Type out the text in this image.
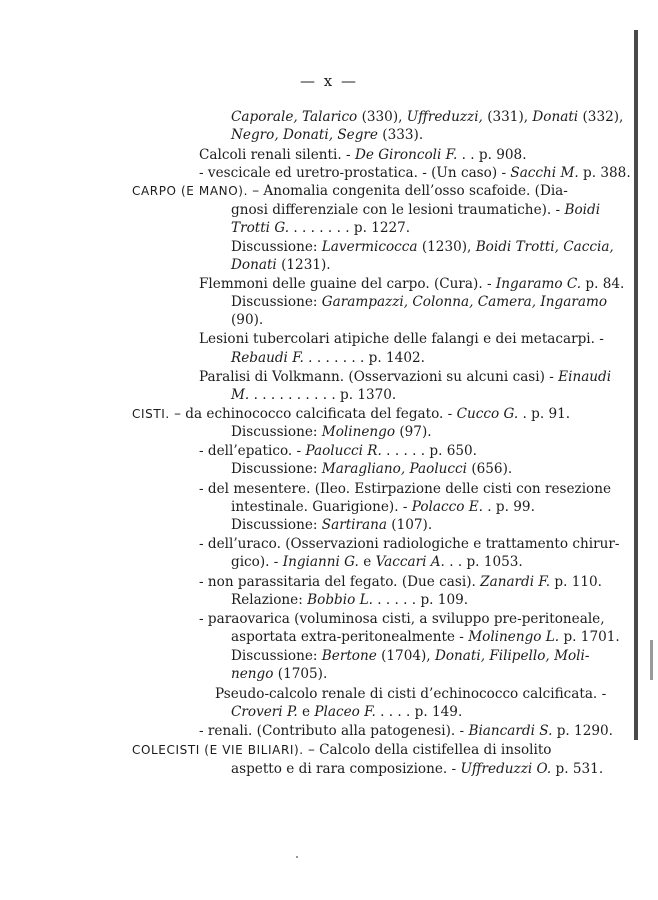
— x —
Caporale, Talarico (330), Uffreduzzi, (331), Donati (332),
Negro, Donati, Segre (333).
Calcoli renali silenti. - De Gironcoli F. . . p. 908.
- vescicale ed uretro-prostatica. - (Un caso) - Sacchi M. p. 388.
CARPO (E MANO). – Anomalia congenita dell’osso scafoide. (Dia-
gnosi differenziale con le lesioni traumatiche). - Boidi
Trotti G. . . . . . . . p. 1227.
Discussione: Lavermicocca (1230), Boidi Trotti, Caccia,
Donati (1231).
Flemmoni delle guaine del carpo. (Cura). - Ingaramo C. p. 84.
Discussione: Garampazzi, Colonna, Camera, Ingaramo
(90).
Lesioni tubercolari atipiche delle falangi e dei metacarpi. -
Rebaudi F. . . . . . . . p. 1402.
Paralisi di Volkmann. (Osservazioni su alcuni casi) - Einaudi
M. . . . . . . . . . . p. 1370.
CISTI. – da echinococco calcificata del fegato. - Cucco G. . p. 91.
Discussione: Molinengo (97).
- dell’epatico. - Paolucci R. . . . . . p. 650.
Discussione: Maragliano, Paolucci (656).
- del mesentere. (Ileo. Estirpazione delle cisti con resezione
intestinale. Guarigione). - Polacco E. . p. 99.
Discussione: Sartirana (107).
- dell’uraco. (Osservazioni radiologiche e trattamento chirur-
gico). - Ingianni G. e Vaccari A. . . p. 1053.
- non parassitaria del fegato. (Due casi). Zanardi F. p. 110.
Relazione: Bobbio L. . . . . . p. 109.
- paraovarica (voluminosa cisti, a sviluppo pre-peritoneale,
asportata extra-peritonealmente - Molinengo L. p. 1701.
Discussione: Bertone (1704), Donati, Filipello, Moli-
nengo (1705).
Pseudo-calcolo renale di cisti d’echinococco calcificata. -
Croveri P. e Placeo F. . . . . p. 149.
- renali. (Contributo alla patogenesi). - Biancardi S. p. 1290.
COLECISTI (E VIE BILIARI). – Calcolo della cistifellea di insolito
aspetto e di rara composizione. - Uffreduzzi O. p. 531.
